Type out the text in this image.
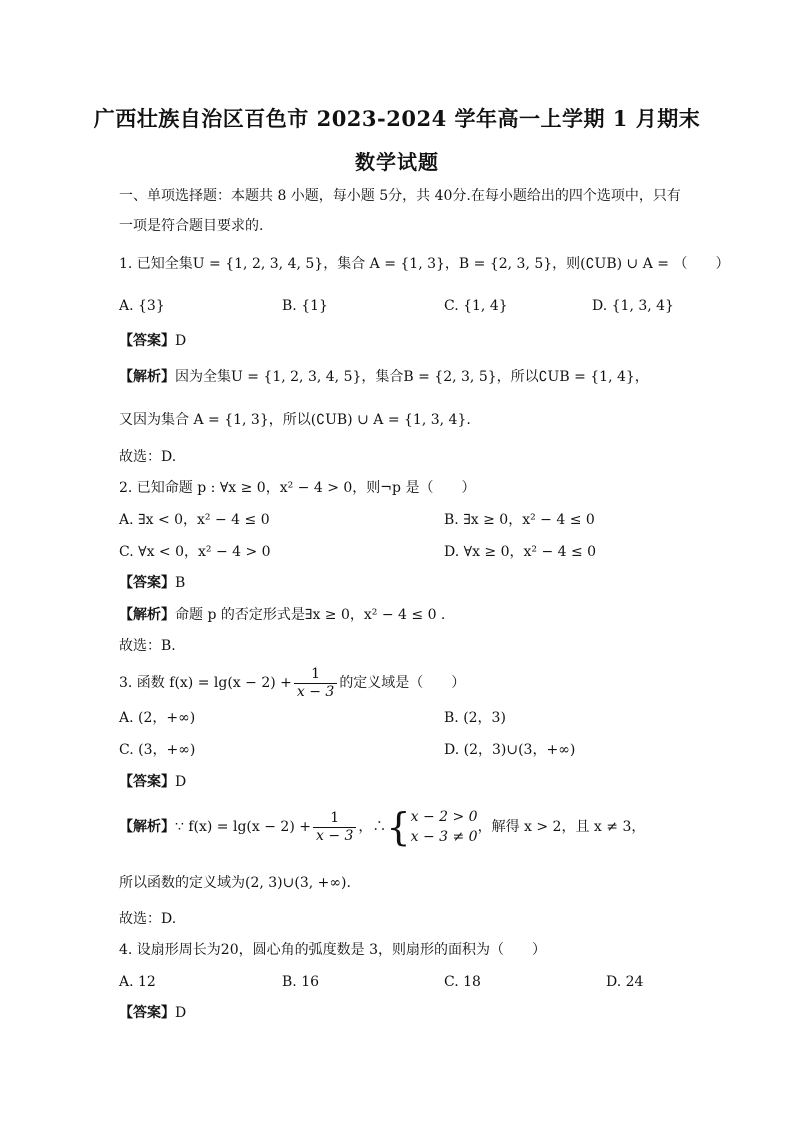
广西壮族自治区百色市 2023-2024 学年高一上学期 1 月期末
数学试题
一、单项选择题：本题共 8 小题，每小题 5分，共 40分.在每小题给出的四个选项中，只有
一项是符合题目要求的.
1. 已知全集U = {1, 2, 3, 4, 5}，集合 A = {1, 3}，B = {2, 3, 5}，则(∁UB) ∪ A = （　　）
A. {3}	B. {1}	C. {1, 4}	D. {1, 3, 4}
【答案】D
【解析】因为全集U = {1, 2, 3, 4, 5}，集合B = {2, 3, 5}，所以∁UB = {1, 4}，
又因为集合 A = {1, 3}，所以(∁UB) ∪ A = {1, 3, 4}.
故选：D.
2. 已知命题 p : ∀x ≥ 0，x² − 4 > 0，则¬p 是（　　）
A. ∃x < 0，x² − 4 ≤ 0	B. ∃x ≥ 0，x² − 4 ≤ 0
C. ∀x < 0，x² − 4 > 0	D. ∀x ≥ 0，x² − 4 ≤ 0
【答案】B
【解析】命题 p 的否定形式是∃x ≥ 0，x² − 4 ≤ 0 .
故选：B.
3. 函数 $f(x) = \lg(x - 2) + \frac{1}{x - 3}$ 的定义域是（　　）
A. (2，+∞)	B. (2，3)
C. (3，+∞)	D. (2，3)∪(3，+∞)
【答案】D
【解析】∵ $f(x) = \lg(x - 2) + \frac{1}{x - 3}$ ，∴{ x − 2 > 0
x − 3 ≠ 0
，解得 x > 2，且 x ≠ 3，
所以函数的定义域为(2, 3)∪(3, +∞).
故选：D.
4. 设扇形周长为20，圆心角的弧度数是 3，则扇形的面积为（　　）
A. 12	B. 16	C. 18	D. 24
【答案】D
